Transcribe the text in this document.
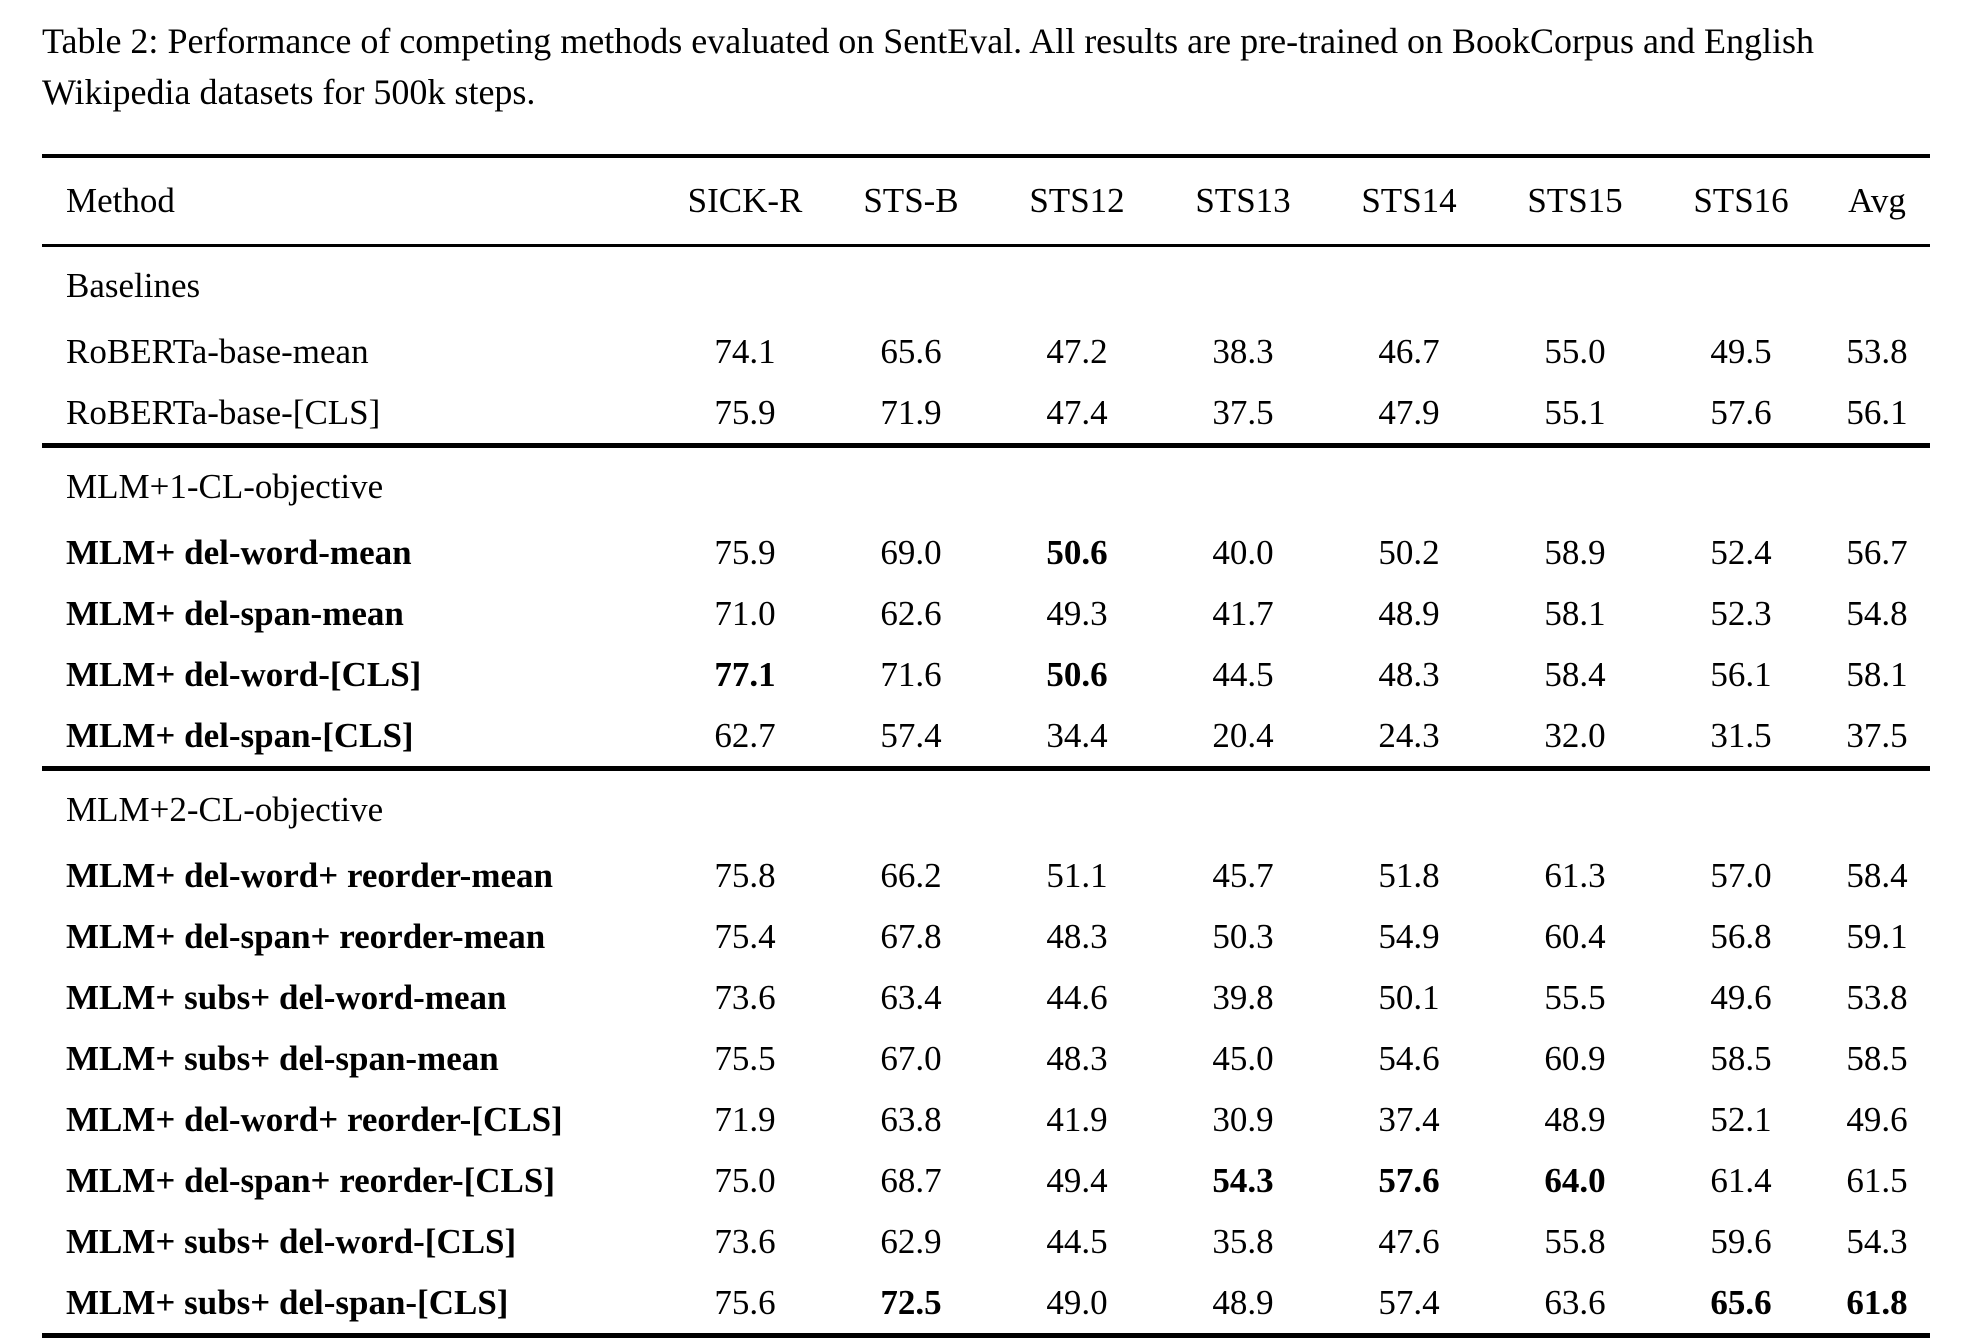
Table 2: Performance of competing methods evaluated on SentEval. All results are pre-trained on BookCorpus and English Wikipedia datasets for 500k steps.

Method	SICK-R	STS-B	STS12	STS13	STS14	STS15	STS16	Avg
Baselines								
RoBERTa-base-mean	74.1	65.6	47.2	38.3	46.7	55.0	49.5	53.8
RoBERTa-base-[CLS]	75.9	71.9	47.4	37.5	47.9	55.1	57.6	56.1
MLM+1-CL-objective								
MLM+ del-word-mean	75.9	69.0	50.6	40.0	50.2	58.9	52.4	56.7
MLM+ del-span-mean	71.0	62.6	49.3	41.7	48.9	58.1	52.3	54.8
MLM+ del-word-[CLS]	77.1	71.6	50.6	44.5	48.3	58.4	56.1	58.1
MLM+ del-span-[CLS]	62.7	57.4	34.4	20.4	24.3	32.0	31.5	37.5
MLM+2-CL-objective								
MLM+ del-word+ reorder-mean	75.8	66.2	51.1	45.7	51.8	61.3	57.0	58.4
MLM+ del-span+ reorder-mean	75.4	67.8	48.3	50.3	54.9	60.4	56.8	59.1
MLM+ subs+ del-word-mean	73.6	63.4	44.6	39.8	50.1	55.5	49.6	53.8
MLM+ subs+ del-span-mean	75.5	67.0	48.3	45.0	54.6	60.9	58.5	58.5
MLM+ del-word+ reorder-[CLS]	71.9	63.8	41.9	30.9	37.4	48.9	52.1	49.6
MLM+ del-span+ reorder-[CLS]	75.0	68.7	49.4	54.3	57.6	64.0	61.4	61.5
MLM+ subs+ del-word-[CLS]	73.6	62.9	44.5	35.8	47.6	55.8	59.6	54.3
MLM+ subs+ del-span-[CLS]	75.6	72.5	49.0	48.9	57.4	63.6	65.6	61.8
